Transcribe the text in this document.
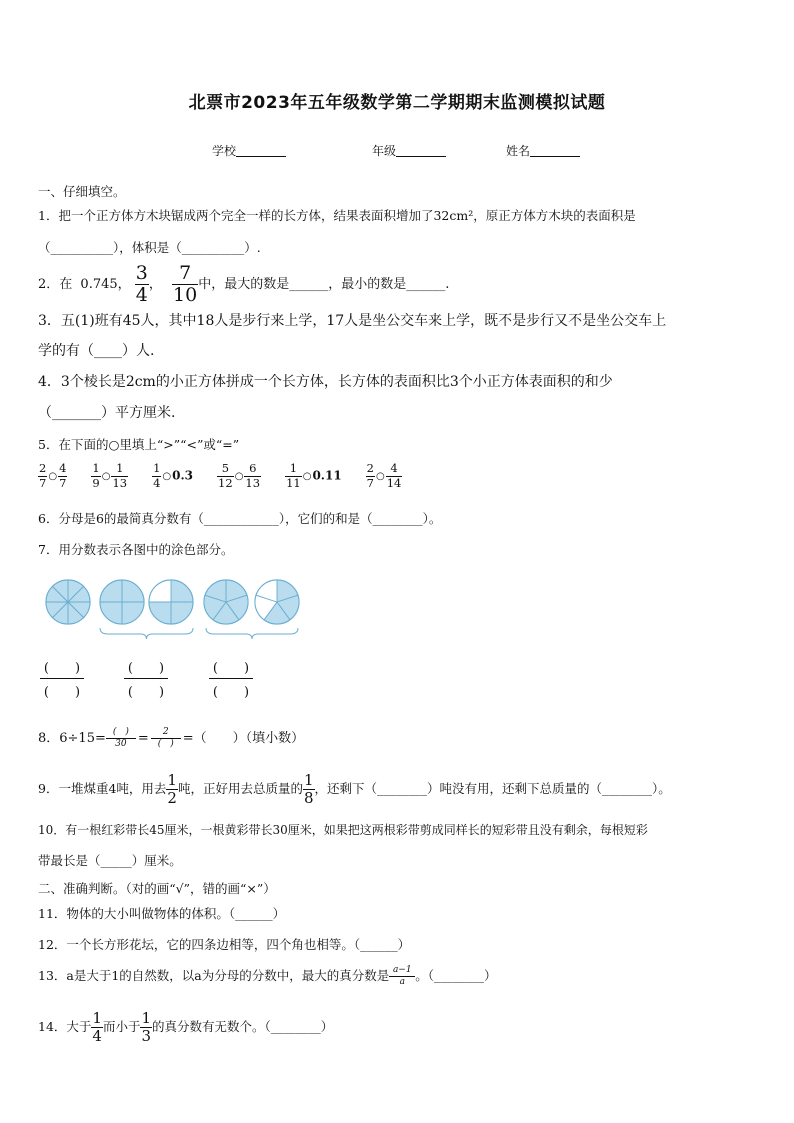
北票市2023年五年级数学第二学期期末监测模拟试题
学校	年级	姓名
一、仔细填空。
1．把一个正方体方木块锯成两个完全一样的长方体，结果表面积增加了32cm²，原正方体方木块的表面积是
（__________），体积是（__________）.
2．在 0.745， $\frac{3}{4}$ ， $\frac{7}{10}$ 中，最大的数是______，最小的数是______.
3．五(1)班有45人，其中18人是步行来上学，17人是坐公交车来上学，既不是步行又不是坐公交车上
学的有（____）人.
4．3个棱长是2cm的小正方体拼成一个长方体，长方体的表面积比3个小正方体表面积的和少
（_______）平方厘米.
5．在下面的○里填上“>”“<”或“=”
$\frac{2}{7}$ ○ $\frac{4}{7} \frac{1}{9}$ ○ $\frac{1}{13} \frac{1}{4}$ ○0.3 $\frac{5}{12}$ ○ $\frac{6}{13} \frac{1}{11}$ ○0.11 $\frac{2}{7}$ ○ $\frac{4}{14}$
6．分母是6的最简真分数有（____________），它们的和是（________）。
7．用分数表示各图中的涂色部分。
(　　)
(　　)
(　　)
(　　)
(　　)
(　　)
8．$6\div 15= \frac{( )}{30} = \frac{2}{( )}$ =（　　）（填小数）
9．一堆煤重4吨，用去 $\frac{1}{2}$ 吨，正好用去总质量的 $\frac{1}{8}$ ，还剩下（________）吨没有用，还剩下总质量的（________）。
10．有一根红彩带长45厘米，一根黄彩带长30厘米，如果把这两根彩带剪成同样长的短彩带且没有剩余，每根短彩
带最长是（_____）厘米。
二、准确判断。（对的画“√”，错的画“×”）
11．物体的大小叫做物体的体积。（______）
12．一个长方形花坛，它的四条边相等，四个角也相等。（______）
13．a是大于1的自然数，以a为分母的分数中，最大的真分数是 $\frac{a-1}{a}$ 。（________）
14．大于 $\frac{1}{4}$ 而小于 $\frac{1}{3}$ 的真分数有无数个。（________）
